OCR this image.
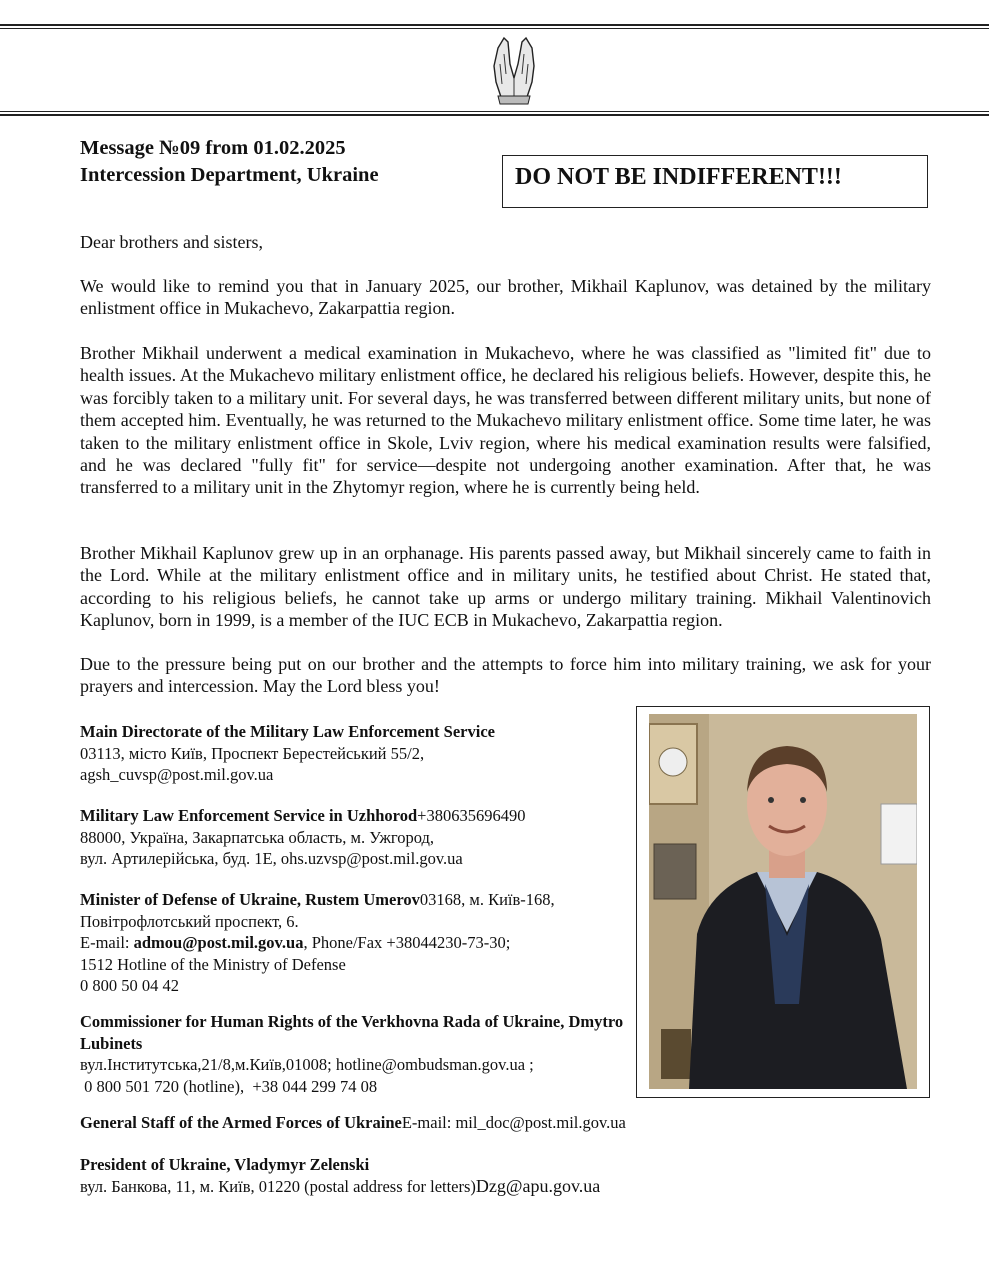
Message №09 from 01.02.2025
Intercession Department, Ukraine	DO NOT BE INDIFFERENT!!!
Dear brothers and sisters,
We would like to remind you that in January 2025, our brother, Mikhail Kaplunov, was detained by the military enlistment office in Mukachevo, Zakarpattia region.
Brother Mikhail underwent a medical examination in Mukachevo, where he was classified as "limited fit" due to health issues. At the Mukachevo military enlistment office, he declared his religious beliefs. However, despite this, he was forcibly taken to a military unit. For several days, he was transferred between different military units, but none of them accepted him. Eventually, he was returned to the Mukachevo military enlistment office. Some time later, he was taken to the military enlistment office in Skole, Lviv region, where his medical examination results were falsified, and he was declared "fully fit" for service—despite not undergoing another examination. After that, he was transferred to a military unit in the Zhytomyr region, where he is currently being held.
Brother Mikhail Kaplunov grew up in an orphanage. His parents passed away, but Mikhail sincerely came to faith in the Lord. While at the military enlistment office and in military units, he testified about Christ. He stated that, according to his religious beliefs, he cannot take up arms or undergo military training. Mikhail Valentinovich Kaplunov, born in 1999, is a member of the IUC ECB in Mukachevo, Zakarpattia region.
Due to the pressure being put on our brother and the attempts to force him into military training, we ask for your prayers and intercession. May the Lord bless you!
Main Directorate of the Military Law Enforcement Service
03113, місто Київ, Проспект Берестейський 55/2,
agsh_cuvsp@post.mil.gov.ua
Military Law Enforcement Service in Uzhhorod+380635696490
88000, Україна, Закарпатська область, м. Ужгород,
вул. Артилерійська, буд. 1Е, ohs.uzvsp@post.mil.gov.ua
Minister of Defense of Ukraine, Rustem Umerov03168, м. Київ-168,
Повітрофлотський проспект, 6.
E-mail: admou@post.mil.gov.ua, Phone/Fax +38044230-73-30;
1512 Hotline of the Ministry of Defense
0 800 50 04 42
Commissioner for Human Rights of the Verkhovna Rada of Ukraine, Dmytro Lubinets
вул.Інститутська,21/8,м.Київ,01008; hotline@ombudsman.gov.ua ;
0 800 501 720 (hotline),  +38 044 299 74 08
General Staff of the Armed Forces of UkraineE-mail: mil_doc@post.mil.gov.ua
President of Ukraine, Vladymyr Zelenski
вул. Банкова, 11, м. Київ, 01220 (postal address for letters)Dzg@apu.gov.ua
